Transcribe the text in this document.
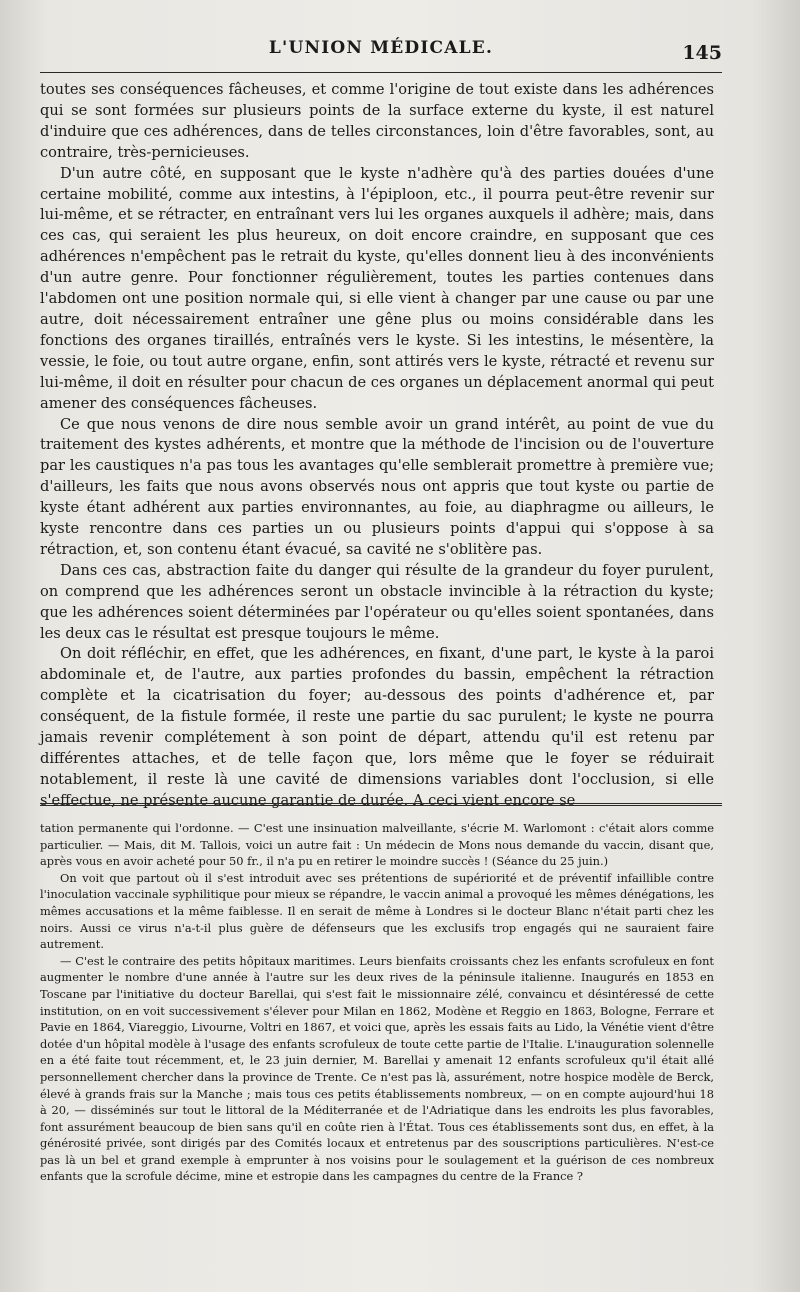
L'UNION MÉDICALE.	145

toutes ses conséquences fâcheuses, et comme l'origine de tout existe dans les adhérences qui se sont formées sur plusieurs points de la surface externe du kyste, il est naturel d'induire que ces adhérences, dans de telles circonstances, loin d'être favorables, sont, au contraire, très-pernicieuses.

D'un autre côté, en supposant que le kyste n'adhère qu'à des parties douées d'une certaine mobilité, comme aux intestins, à l'épiploon, etc., il pourra peut-être revenir sur lui-même, et se rétracter, en entraînant vers lui les organes auxquels il adhère; mais, dans ces cas, qui seraient les plus heureux, on doit encore craindre, en supposant que ces adhérences n'empêchent pas le retrait du kyste, qu'elles donnent lieu à des inconvénients d'un autre genre. Pour fonctionner régulièrement, toutes les parties contenues dans l'abdomen ont une position normale qui, si elle vient à changer par une cause ou par une autre, doit nécessairement entraîner une gêne plus ou moins considérable dans les fonctions des organes tiraillés, entraînés vers le kyste. Si les intestins, le mésentère, la vessie, le foie, ou tout autre organe, enfin, sont attirés vers le kyste, rétracté et revenu sur lui-même, il doit en résulter pour chacun de ces organes un déplacement anormal qui peut amener des conséquences fâcheuses.

Ce que nous venons de dire nous semble avoir un grand intérêt, au point de vue du traitement des kystes adhérents, et montre que la méthode de l'incision ou de l'ouverture par les caustiques n'a pas tous les avantages qu'elle semblerait promettre à première vue; d'ailleurs, les faits que nous avons observés nous ont appris que tout kyste ou partie de kyste étant adhérent aux parties environnantes, au foie, au diaphragme ou ailleurs, le kyste rencontre dans ces parties un ou plusieurs points d'appui qui s'oppose à sa rétraction, et, son contenu étant évacué, sa cavité ne s'oblitère pas.

Dans ces cas, abstraction faite du danger qui résulte de la grandeur du foyer purulent, on comprend que les adhérences seront un obstacle invincible à la rétraction du kyste; que les adhérences soient déterminées par l'opérateur ou qu'elles soient spontanées, dans les deux cas le résultat est presque toujours le même.

On doit réfléchir, en effet, que les adhérences, en fixant, d'une part, le kyste à la paroi abdominale et, de l'autre, aux parties profondes du bassin, empêchent la rétraction complète et la cicatrisation du foyer; au-dessous des points d'adhérence et, par conséquent, de la fistule formée, il reste une partie du sac purulent; le kyste ne pourra jamais revenir complétement à son point de départ, attendu qu'il est retenu par différentes attaches, et de telle façon que, lors même que le foyer se réduirait notablement, il reste là une cavité de dimensions variables dont l'occlusion, si elle s'effectue, ne présente aucune garantie de durée. A ceci vient encore se

tation permanente qui l'ordonne. — C'est une insinuation malveillante, s'écrie M. Warlomont : c'était alors comme particulier. — Mais, dit M. Tallois, voici un autre fait : Un médecin de Mons nous demande du vaccin, disant que, après vous en avoir acheté pour 50 fr., il n'a pu en retirer le moindre succès ! (Séance du 25 juin.)

On voit que partout où il s'est introduit avec ses prétentions de supériorité et de préventif infaillible contre l'inoculation vaccinale syphilitique pour mieux se répandre, le vaccin animal a provoqué les mêmes dénégations, les mêmes accusations et la même faiblesse. Il en serait de même à Londres si le docteur Blanc n'était parti chez les noirs. Aussi ce virus n'a-t-il plus guère de défenseurs que les exclusifs trop engagés qui ne sauraient faire autrement.

— C'est le contraire des petits hôpitaux maritimes. Leurs bienfaits croissants chez les enfants scrofuleux en font augmenter le nombre d'une année à l'autre sur les deux rives de la péninsule italienne. Inaugurés en 1853 en Toscane par l'initiative du docteur Barellai, qui s'est fait le missionnaire zélé, convaincu et désintéressé de cette institution, on en voit successivement s'élever pour Milan en 1862, Modène et Reggio en 1863, Bologne, Ferrare et Pavie en 1864, Viareggio, Livourne, Voltri en 1867, et voici que, après les essais faits au Lido, la Vénétie vient d'être dotée d'un hôpital modèle à l'usage des enfants scrofuleux de toute cette partie de l'Italie. L'inauguration solennelle en a été faite tout récemment, et, le 23 juin dernier, M. Barellai y amenait 12 enfants scrofuleux qu'il était allé personnellement chercher dans la province de Trente. Ce n'est pas là, assurément, notre hospice modèle de Berck, élevé à grands frais sur la Manche ; mais tous ces petits établissements nombreux, — on en compte aujourd'hui 18 à 20, — disséminés sur tout le littoral de la Méditerranée et de l'Adriatique dans les endroits les plus favorables, font assurément beaucoup de bien sans qu'il en coûte rien à l'État. Tous ces établissements sont dus, en effet, à la générosité privée, sont dirigés par des Comités locaux et entretenus par des souscriptions particulières. N'est-ce pas là un bel et grand exemple à emprunter à nos voisins pour le soulagement et la guérison de ces nombreux enfants que la scrofule décime, mine et estropie dans les campagnes du centre de la France ?
